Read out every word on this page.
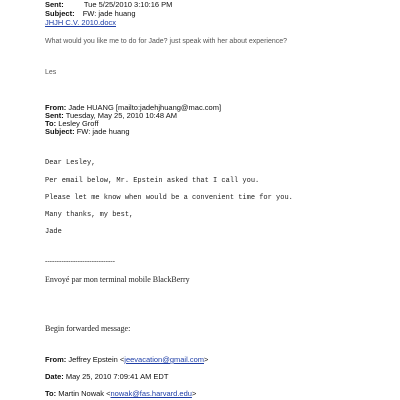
Sent:	Tue 5/25/2010 3:10:16 PM
Subject: FW: jade huang
JHJH C.V. 2010.docx
What would you like me to do for Jade? just speak with her about experience?
Les
From: Jade HUANG [mailto:jadehjhuang@mac.com]
Sent: Tuesday, May 25, 2010 10:48 AM
To: Lesley Groff
Subject: FW: jade huang
Dear Lesley,
Per email below, Mr. Epstein asked that I call you.
Please let me know when would be a convenient time for you.
Many thanks, my best,
Jade
------------------------------
Envoyé par mon terminal mobile BlackBerry
Begin forwarded message:
From: Jeffrey Epstein <jeevacation@gmail.com>
Date: May 25, 2010 7:09:41 AM EDT
To: Martin Nowak <nowak@fas.harvard.edu>
